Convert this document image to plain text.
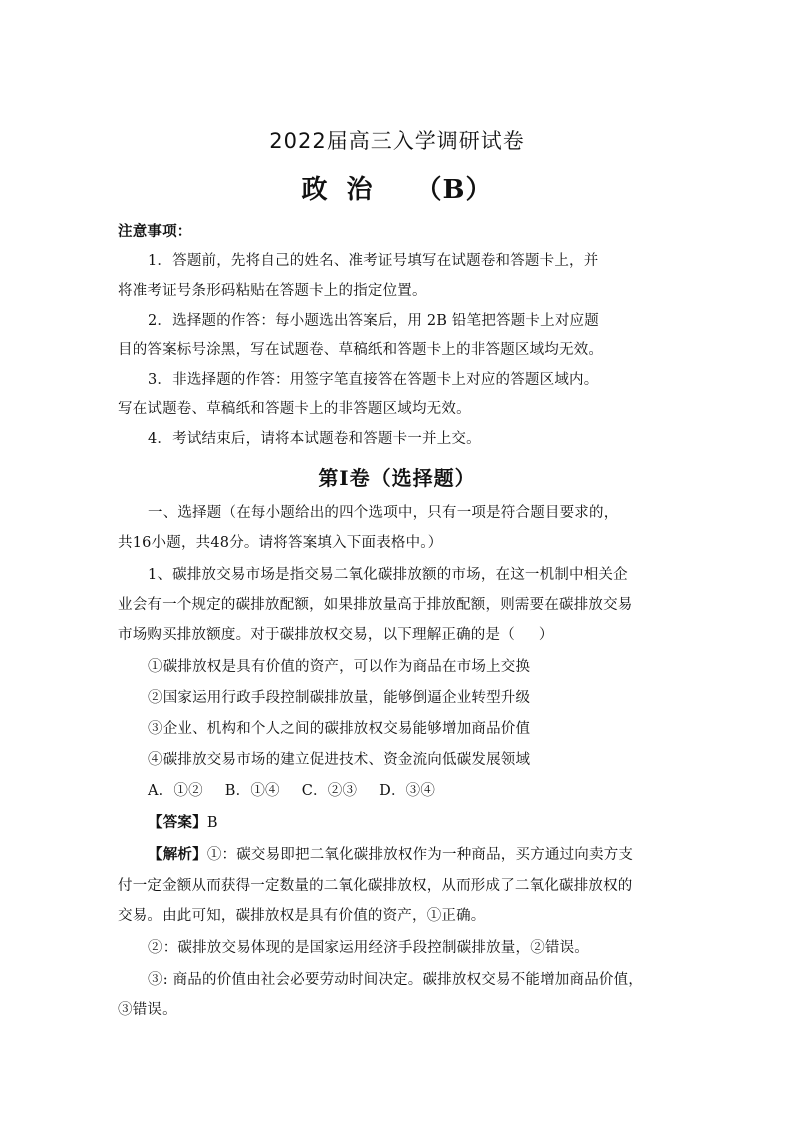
2022届高三入学调研试卷
政 治 （B）
注意事项：
1．答题前，先将自己的姓名、准考证号填写在试题卷和答题卡上，并
将准考证号条形码粘贴在答题卡上的指定位置。
2．选择题的作答：每小题选出答案后，用 2B 铅笔把答题卡上对应题
目的答案标号涂黑，写在试题卷、草稿纸和答题卡上的非答题区域均无效。
3．非选择题的作答：用签字笔直接答在答题卡上对应的答题区域内。
写在试题卷、草稿纸和答题卡上的非答题区域均无效。
4．考试结束后，请将本试题卷和答题卡一并上交。
第Ⅰ卷（选择题）
一、选择题（在每小题给出的四个选项中，只有一项是符合题目要求的，
共16小题，共48分。请将答案填入下面表格中。）
1、碳排放交易市场是指交易二氧化碳排放额的市场，在这一机制中相关企
业会有一个规定的碳排放配额，如果排放量高于排放配额，则需要在碳排放交易
市场购买排放额度。对于碳排放权交易，以下理解正确的是（ ）
①碳排放权是具有价值的资产，可以作为商品在市场上交换
②国家运用行政手段控制碳排放量，能够倒逼企业转型升级
③企业、机构和个人之间的碳排放权交易能够增加商品价值
④碳排放交易市场的建立促进技术、资金流向低碳发展领域
A．①② B．①④ C．②③ D．③④
【答案】B
【解析】①：碳交易即把二氧化碳排放权作为一种商品，买方通过向卖方支
付一定金额从而获得一定数量的二氧化碳排放权，从而形成了二氧化碳排放权的
交易。由此可知，碳排放权是具有价值的资产，①正确。
②：碳排放交易体现的是国家运用经济手段控制碳排放量，②错误。
③: 商品的价值由社会必要劳动时间决定。碳排放权交易不能增加商品价值，
③错误。
